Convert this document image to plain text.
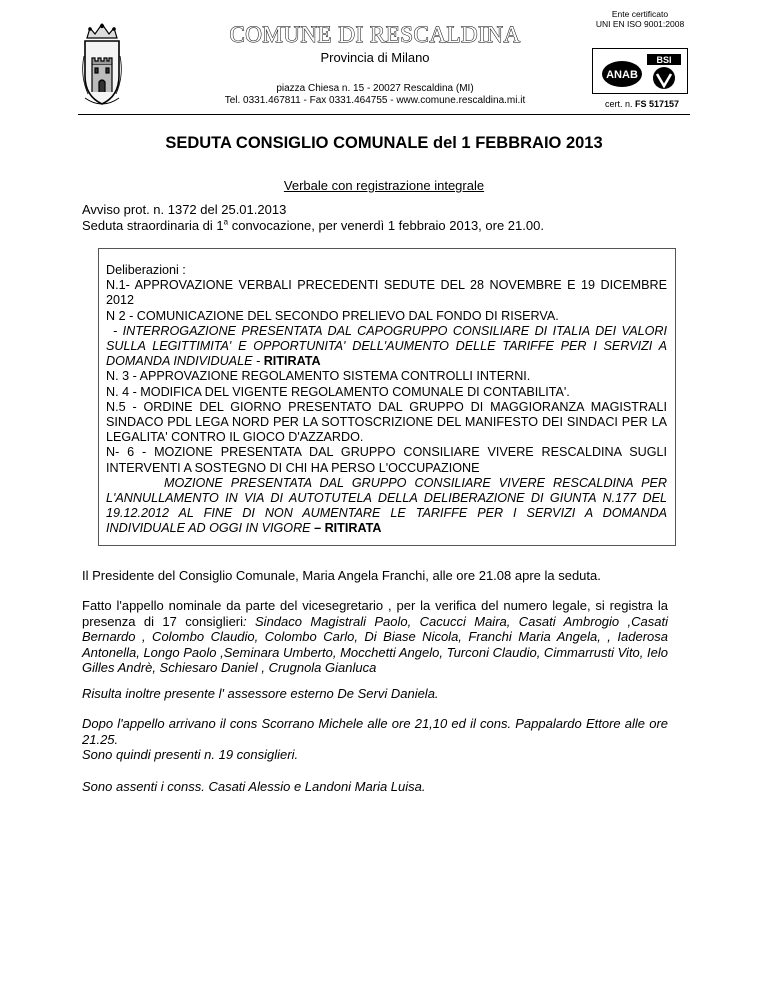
COMUNE DI RESCALDINA
Provincia di Milano
piazza Chiesa n. 15 - 20027 Rescaldina (MI)
Tel. 0331.467811 - Fax 0331.464755 - www.comune.rescaldina.mi.it
Ente certificato
UNI EN ISO 9001:2008
ANAB
BSI
cert. n. FS 517157
SEDUTA CONSIGLIO COMUNALE del 1 FEBBRAIO 2013
Verbale con registrazione integrale
Avviso prot. n. 1372 del 25.01.2013
Seduta straordinaria di 1$^a$ convocazione, per venerdì 1 febbraio 2013, ore 21.00.

Deliberazioni :

N.1- APPROVAZIONE VERBALI PRECEDENTI SEDUTE DEL 28 NOVEMBRE E 19 DICEMBRE 2012

N 2 - COMUNICAZIONE DEL SECONDO PRELIEVO DAL FONDO DI RISERVA.

- INTERROGAZIONE PRESENTATA DAL CAPOGRUPPO CONSILIARE DI ITALIA DEI VALORI SULLA LEGITTIMITA' E OPPORTUNITA' DELL'AUMENTO DELLE TARIFFE PER I SERVIZI A DOMANDA INDIVIDUALE - RITIRATA

N. 3 - APPROVAZIONE REGOLAMENTO SISTEMA CONTROLLI INTERNI.

N. 4 - MODIFICA DEL VIGENTE REGOLAMENTO COMUNALE DI CONTABILITA'.

N.5 - ORDINE DEL GIORNO PRESENTATO DAL GRUPPO DI MAGGIORANZA MAGISTRALI SINDACO PDL LEGA NORD PER LA SOTTOSCRIZIONE DEL MANIFESTO DEI SINDACI PER LA LEGALITA' CONTRO IL GIOCO D'AZZARDO.

N- 6 - MOZIONE PRESENTATA DAL GRUPPO CONSILIARE VIVERE RESCALDINA SUGLI INTERVENTI A SOSTEGNO DI CHI HA PERSO L'OCCUPAZIONE

MOZIONE PRESENTATA DAL GRUPPO CONSILIARE VIVERE RESCALDINA PER L'ANNULLAMENTO IN VIA DI AUTOTUTELA DELLA DELIBERAZIONE DI GIUNTA N.177 DEL 19.12.2012 AL FINE DI NON AUMENTARE LE TARIFFE PER I SERVIZI A DOMANDA INDIVIDUALE AD OGGI IN VIGORE – RITIRATA

Il Presidente del Consiglio Comunale, Maria Angela Franchi, alle ore 21.08 apre la seduta.

Fatto l'appello nominale da parte del vicesegretario , per la verifica del numero legale, si registra la presenza di 17 consiglieri: Sindaco Magistrali Paolo, Cacucci Maira, Casati Ambrogio ,Casati Bernardo , Colombo Claudio, Colombo Carlo, Di Biase Nicola, Franchi Maria Angela, , Iaderosa Antonella, Longo Paolo ,Seminara Umberto, Mocchetti Angelo, Turconi Claudio, Cimmarrusti Vito, Ielo Gilles Andrè, Schiesaro Daniel , Crugnola Gianluca

Risulta inoltre presente l' assessore esterno De Servi Daniela.

Dopo l'appello arrivano il cons Scorrano Michele alle ore 21,10 ed il cons. Pappalardo Ettore alle ore 21.25.

Sono quindi presenti n. 19 consiglieri.

Sono assenti i conss. Casati Alessio e Landoni Maria Luisa.
